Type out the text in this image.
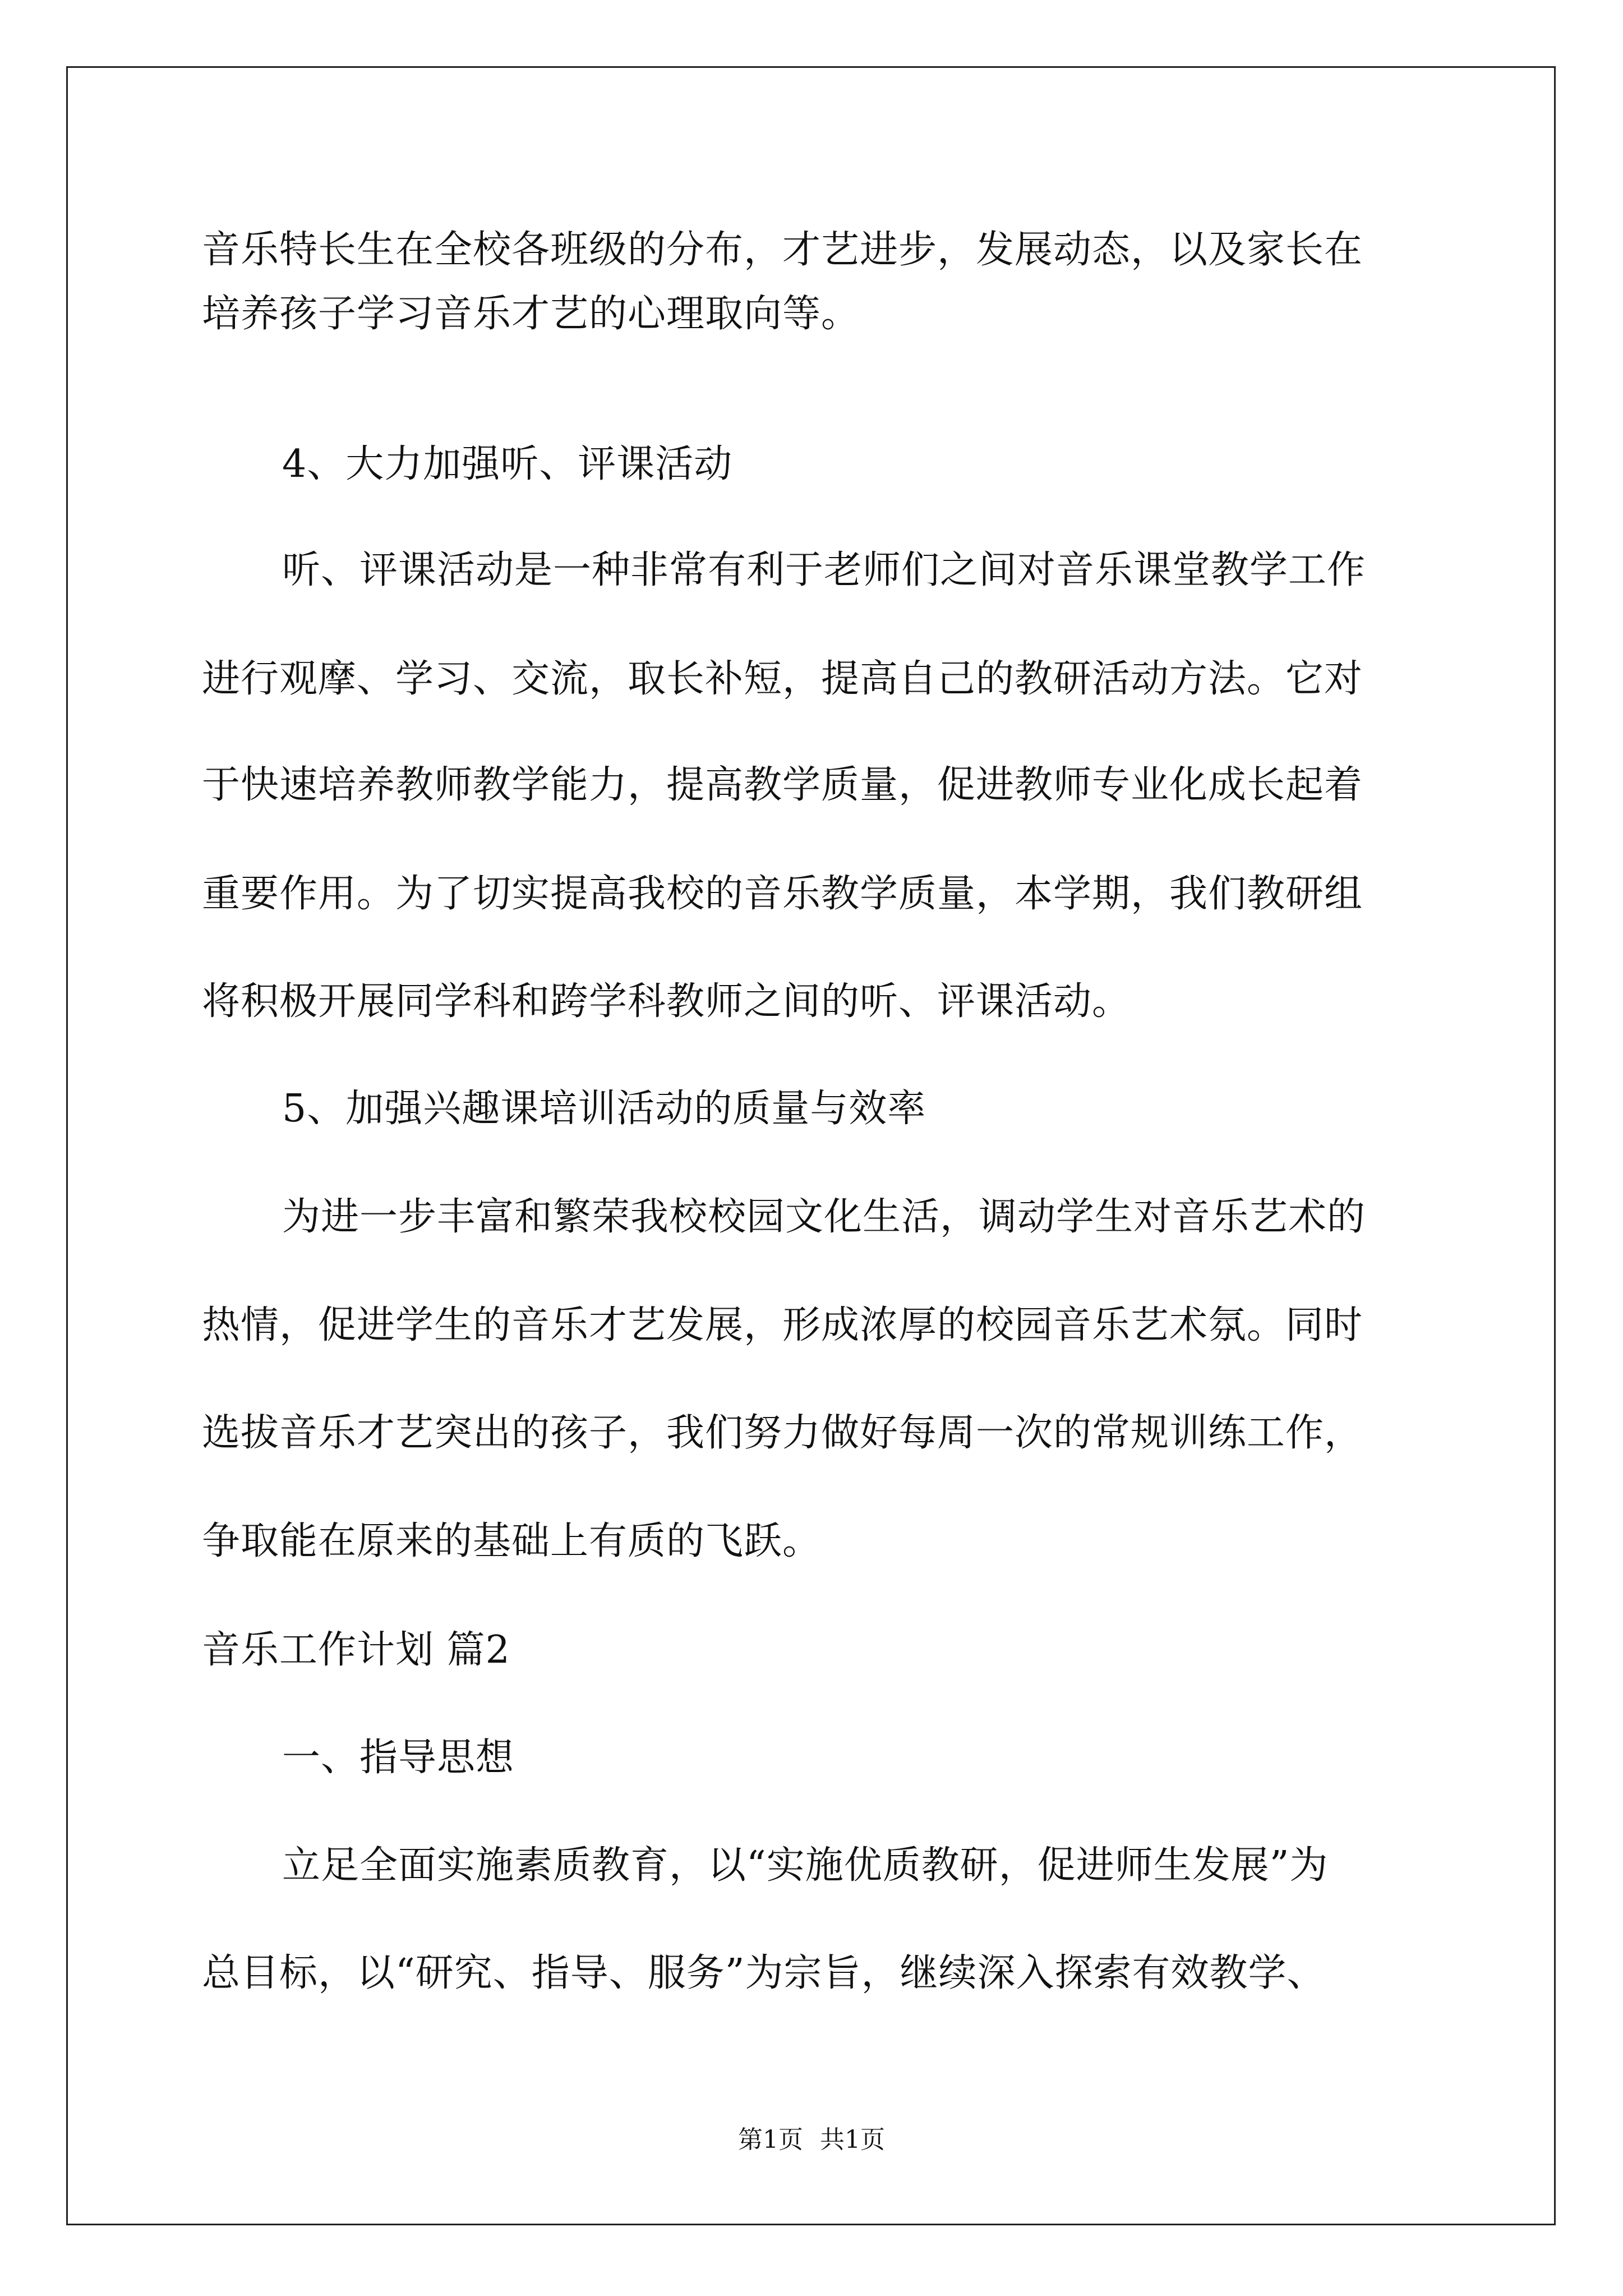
音乐特长生在全校各班级的分布，才艺进步，发展动态，以及家长在
培养孩子学习音乐才艺的心理取向等。
4、大力加强听、评课活动
听、评课活动是一种非常有利于老师们之间对音乐课堂教学工作
进行观摩、学习、交流，取长补短，提高自己的教研活动方法。它对
于快速培养教师教学能力，提高教学质量，促进教师专业化成长起着
重要作用。为了切实提高我校的音乐教学质量，本学期，我们教研组
将积极开展同学科和跨学科教师之间的听、评课活动。
5、加强兴趣课培训活动的质量与效率
为进一步丰富和繁荣我校校园文化生活，调动学生对音乐艺术的
热情，促进学生的音乐才艺发展，形成浓厚的校园音乐艺术氛。同时
选拔音乐才艺突出的孩子，我们努力做好每周一次的常规训练工作，
争取能在原来的基础上有质的飞跃。
音乐工作计划 篇2
一、指导思想
立足全面实施素质教育，以“实施优质教研，促进师生发展”为
总目标，以“研究、指导、服务”为宗旨，继续深入探索有效教学、
第1页 共1页
